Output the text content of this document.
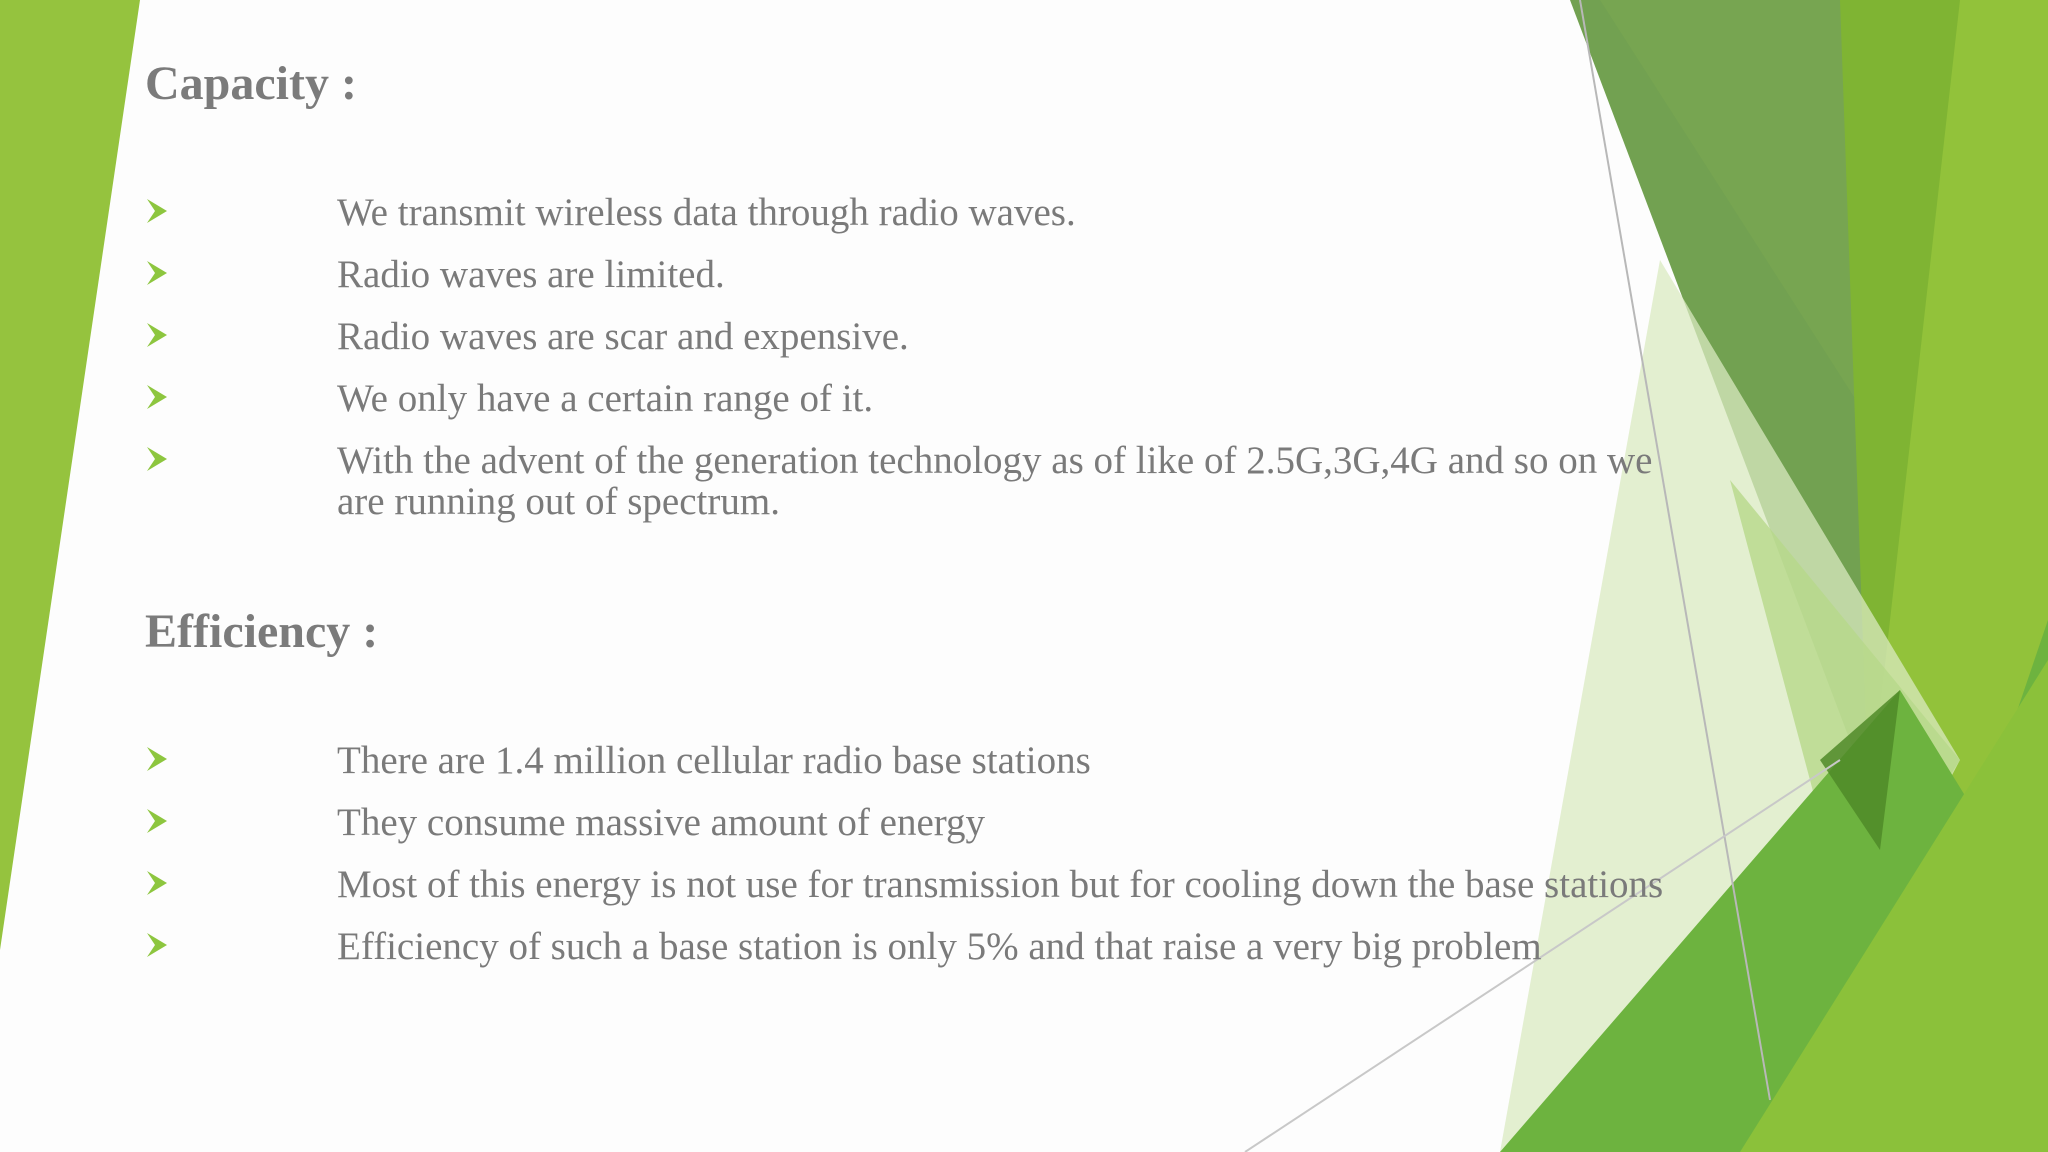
Capacity :
We transmit wireless data through radio waves.
Radio waves are limited.
Radio waves are scar and expensive.
We only have a certain range of it.
With the advent of the generation technology as of like of 2.5G,3G,4G and so on we are running out of spectrum.
Efficiency :
There are 1.4 million cellular radio base stations
They consume massive amount of energy
Most of this energy is not use for transmission but for cooling down the base stations
Efficiency of such a base station is only 5% and that raise a very big problem
